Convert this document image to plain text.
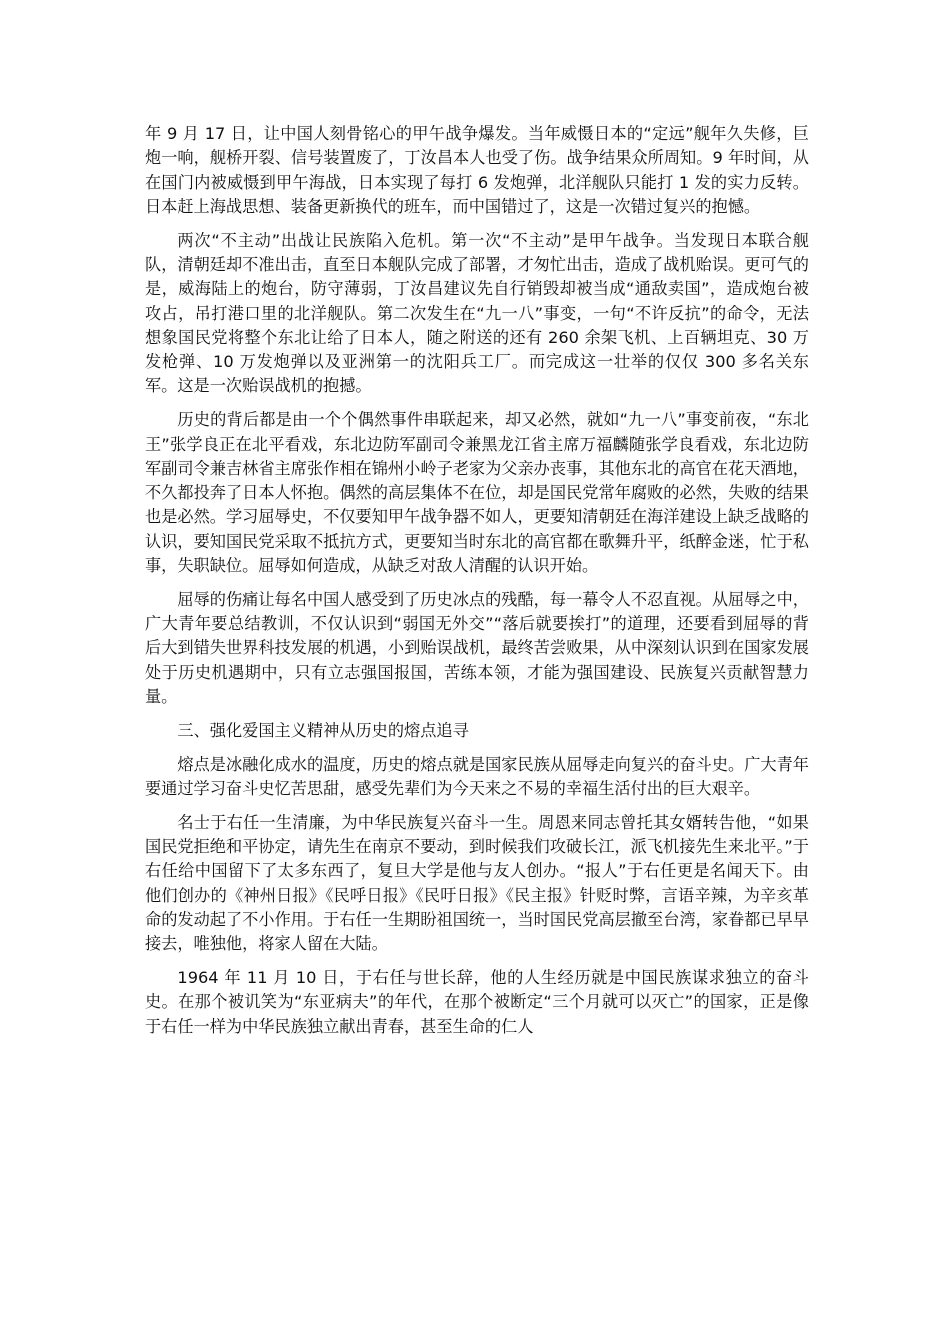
年 9 月 17 日，让中国人刻骨铭心的甲午战争爆发。当年威慑日本的“定远”舰年久失修，巨炮一响，舰桥开裂、信号装置废了，丁汝昌本人也受了伤。战争结果众所周知。9 年时间，从在国门内被威慑到甲午海战，日本实现了每打 6 发炮弹，北洋舰队只能打 1 发的实力反转。日本赶上海战思想、装备更新换代的班车，而中国错过了，这是一次错过复兴的抱憾。

两次“不主动”出战让民族陷入危机。第一次“不主动”是甲午战争。当发现日本联合舰队，清朝廷却不准出击，直至日本舰队完成了部署，才匆忙出击，造成了战机贻误。更可气的是，威海陆上的炮台，防守薄弱，丁汝昌建议先自行销毁却被当成“通敌卖国”，造成炮台被攻占，吊打港口里的北洋舰队。第二次发生在“九一八”事变，一句“不许反抗”的命令，无法想象国民党将整个东北让给了日本人，随之附送的还有 260 余架飞机、上百辆坦克、30 万发枪弹、10 万发炮弹以及亚洲第一的沈阳兵工厂。而完成这一壮举的仅仅 300 多名关东军。这是一次贻误战机的抱撼。

历史的背后都是由一个个偶然事件串联起来，却又必然，就如“九一八”事变前夜，“东北王”张学良正在北平看戏，东北边防军副司令兼黑龙江省主席万福麟随张学良看戏，东北边防军副司令兼吉林省主席张作相在锦州小岭子老家为父亲办丧事，其他东北的高官在花天酒地，不久都投奔了日本人怀抱。偶然的高层集体不在位，却是国民党常年腐败的必然，失败的结果也是必然。学习屈辱史，不仅要知甲午战争器不如人，更要知清朝廷在海洋建设上缺乏战略的认识，要知国民党采取不抵抗方式，更要知当时东北的高官都在歌舞升平，纸醉金迷，忙于私事，失职缺位。屈辱如何造成，从缺乏对敌人清醒的认识开始。

屈辱的伤痛让每名中国人感受到了历史冰点的残酷，每一幕令人不忍直视。从屈辱之中，广大青年要总结教训，不仅认识到“弱国无外交”“落后就要挨打”的道理，还要看到屈辱的背后大到错失世界科技发展的机遇，小到贻误战机，最终苦尝败果，从中深刻认识到在国家发展处于历史机遇期中，只有立志强国报国，苦练本领，才能为强国建设、民族复兴贡献智慧力量。

三、强化爱国主义精神从历史的熔点追寻

熔点是冰融化成水的温度，历史的熔点就是国家民族从屈辱走向复兴的奋斗史。广大青年要通过学习奋斗史忆苦思甜，感受先辈们为今天来之不易的幸福生活付出的巨大艰辛。

名士于右任一生清廉，为中华民族复兴奋斗一生。周恩来同志曾托其女婿转告他，“如果国民党拒绝和平协定，请先生在南京不要动，到时候我们攻破长江，派飞机接先生来北平。”于右任给中国留下了太多东西了，复旦大学是他与友人创办。“报人”于右任更是名闻天下。由他们创办的《神州日报》《民呼日报》《民吁日报》《民主报》针贬时弊，言语辛辣，为辛亥革命的发动起了不小作用。于右任一生期盼祖国统一，当时国民党高层撤至台湾，家眷都已早早接去，唯独他，将家人留在大陆。

1964 年 11 月 10 日，于右任与世长辞，他的人生经历就是中国民族谋求独立的奋斗史。在那个被讥笑为“东亚病夫”的年代，在那个被断定“三个月就可以灭亡”的国家，正是像于右任一样为中华民族独立献出青春，甚至生命的仁人
